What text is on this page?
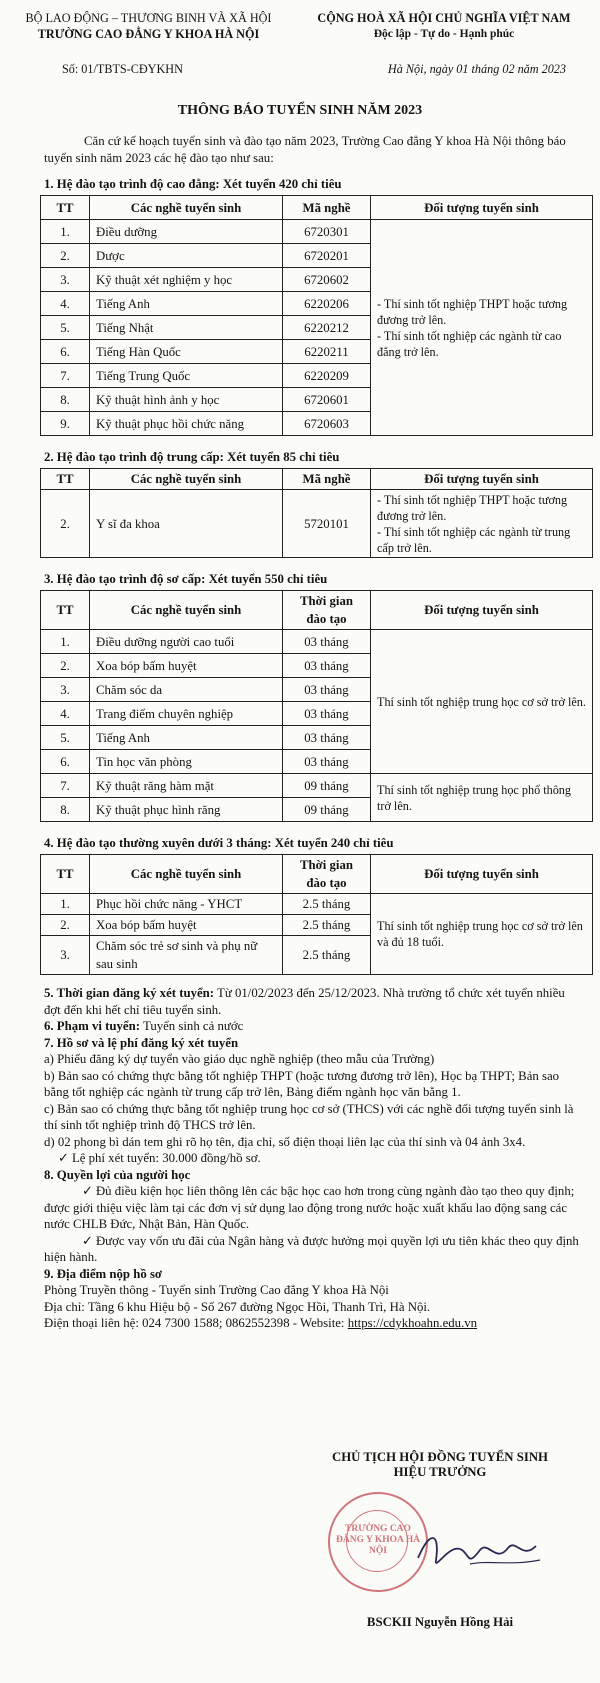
BỘ LAO ĐỘNG – THƯƠNG BINH VÀ XÃ HỘI
TRƯỜNG CAO ĐẲNG Y KHOA HÀ NỘI
CỘNG HOÀ XÃ HỘI CHỦ NGHĨA VIỆT NAM
Độc lập - Tự do - Hạnh phúc
Số: 01/TBTS-CĐYKHN	Hà Nội, ngày 01 tháng 02 năm 2023
THÔNG BÁO TUYỂN SINH NĂM 2023
Căn cứ kế hoạch tuyển sinh và đào tạo năm 2023, Trường Cao đẳng Y khoa Hà Nội thông báo tuyển sinh năm 2023 các hệ đào tạo như sau:
1. Hệ đào tạo trình độ cao đẳng: Xét tuyển 420 chỉ tiêu
TT	Các nghề tuyển sinh	Mã nghề	Đối tượng tuyển sinh
1.	Điều dưỡng	6720301	- Thí sinh tốt nghiệp THPT hoặc tương đương trở lên.
- Thí sinh tốt nghiệp các ngành từ cao đẳng trở lên.

2.	Dược	6720201	
3.	Kỹ thuật xét nghiệm y học	6720602	
4.	Tiếng Anh	6220206	
5.	Tiếng Nhật	6220212	
6.	Tiếng Hàn Quốc	6220211	
7.	Tiếng Trung Quốc	6220209	
8.	Kỹ thuật hình ảnh y học	6720601	
9.	Kỹ thuật phục hồi chức năng	6720603	
2. Hệ đào tạo trình độ trung cấp: Xét tuyển 85 chỉ tiêu
TT	Các nghề tuyển sinh	Mã nghề	Đối tượng tuyển sinh
2.	Y sĩ đa khoa	5720101	- Thí sinh tốt nghiệp THPT hoặc tương đương trở lên.
- Thí sinh tốt nghiệp các ngành từ trung cấp trở lên.
3. Hệ đào tạo trình độ sơ cấp: Xét tuyển 550 chỉ tiêu
TT	Các nghề tuyển sinh	Thời gian đào tạo	Đối tượng tuyển sinh
1.	Điều dưỡng người cao tuổi	03 tháng	Thí sinh tốt nghiệp trung học cơ sở trở lên.
2.	Xoa bóp bấm huyệt	03 tháng	
3.	Chăm sóc da	03 tháng	
4.	Trang điểm chuyên nghiệp	03 tháng	
5.	Tiếng Anh	03 tháng	
6.	Tin học văn phòng	03 tháng	
7.	Kỹ thuật răng hàm mặt	09 tháng	Thí sinh tốt nghiệp trung học phổ thông trở lên.
8.	Kỹ thuật phục hình răng	09 tháng	
4. Hệ đào tạo thường xuyên dưới 3 tháng: Xét tuyển 240 chỉ tiêu
TT	Các nghề tuyển sinh	Thời gian đào tạo	Đối tượng tuyển sinh
1.	Phục hồi chức năng - YHCT	2.5 tháng	Thí sinh tốt nghiệp trung học cơ sở trở lên và đủ 18 tuổi.
2.	Xoa bóp bấm huyệt	2.5 tháng	
3.	Chăm sóc trẻ sơ sinh và phụ nữ sau sinh	2.5 tháng	
5. Thời gian đăng ký xét tuyển: Từ 01/02/2023 đến 25/12/2023. Nhà trường tổ chức xét tuyển nhiều đợt đến khi hết chỉ tiêu tuyển sinh.
6. Phạm vi tuyển: Tuyển sinh cả nước
7. Hồ sơ và lệ phí đăng ký xét tuyển
a) Phiếu đăng ký dự tuyển vào giáo dục nghề nghiệp (theo mẫu của Trường)
b) Bản sao có chứng thực bằng tốt nghiệp THPT (hoặc tương đương trở lên), Học bạ THPT; Bản sao bằng tốt nghiệp các ngành từ trung cấp trở lên, Bảng điểm ngành học văn bằng 1.
c) Bản sao có chứng thực bằng tốt nghiệp trung học cơ sở (THCS) với các nghề đối tượng tuyển sinh là thí sinh tốt nghiệp trình độ THCS trở lên.
d) 02 phong bì dán tem ghi rõ họ tên, địa chỉ, số điện thoại liên lạc của thí sinh và 04 ảnh 3x4.
✓ Lệ phí xét tuyển: 30.000 đồng/hồ sơ.
8. Quyền lợi của người học
✓ Đủ điều kiện học liên thông lên các bậc học cao hơn trong cùng ngành đào tạo theo quy định; được giới thiệu việc làm tại các đơn vị sử dụng lao động trong nước hoặc xuất khẩu lao động sang các nước CHLB Đức, Nhật Bản, Hàn Quốc.
✓ Được vay vốn ưu đãi của Ngân hàng và được hưởng mọi quyền lợi ưu tiên khác theo quy định hiện hành.
9. Địa điểm nộp hồ sơ
Phòng Truyền thông - Tuyển sinh Trường Cao đẳng Y khoa Hà Nội
Địa chỉ: Tầng 6 khu Hiệu bộ - Số 267 đường Ngọc Hồi, Thanh Trì, Hà Nội.
Điện thoại liên hệ: 024 7300 1588; 0862552398 - Website: https://cdykhoahn.edu.vn
CHỦ TỊCH HỘI ĐỒNG TUYỂN SINH
HIỆU TRƯỞNG
TRƯỜNG CAO ĐẲNG Y KHOA HÀ NỘI
BSCKII Nguyễn Hồng Hải
